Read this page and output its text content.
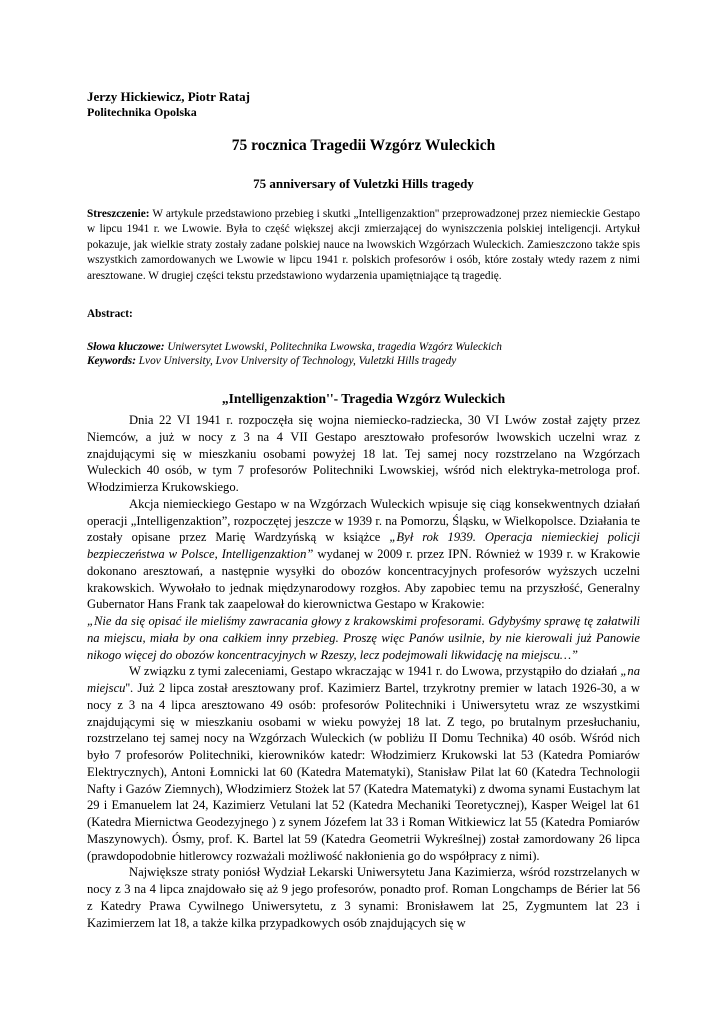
Jerzy Hickiewicz, Piotr Rataj
Politechnika Opolska
75 rocznica Tragedii Wzgórz Wuleckich
75 anniversary of Vuletzki Hills tragedy
Streszczenie: W artykule przedstawiono przebieg i skutki „Intelligenzaktion'' przeprowadzonej przez niemieckie Gestapo w lipcu 1941 r. we Lwowie. Była to część większej akcji zmierzającej do wyniszczenia polskiej inteligencji. Artykuł pokazuje, jak wielkie straty zostały zadane polskiej nauce na lwowskich Wzgórzach Wuleckich. Zamieszczono także spis wszystkich zamordowanych we Lwowie w lipcu 1941 r. polskich profesorów i osób, które zostały wtedy razem z nimi aresztowane. W drugiej części tekstu przedstawiono wydarzenia upamiętniające tą tragedię.
Abstract:
Słowa kluczowe: Uniwersytet Lwowski, Politechnika Lwowska, tragedia Wzgórz Wuleckich
Keywords: Lvov University, Lvov University of Technology, Vuletzki Hills tragedy
„Intelligenzaktion''- Tragedia Wzgórz Wuleckich

Dnia 22 VI 1941 r. rozpoczęła się wojna niemiecko-radziecka, 30 VI Lwów został zajęty przez Niemców, a już w nocy z 3 na 4 VII Gestapo aresztowało profesorów lwowskich uczelni wraz z znajdującymi się w mieszkaniu osobami powyżej 18 lat. Tej samej nocy rozstrzelano na Wzgórzach Wuleckich 40 osób, w tym 7 profesorów Politechniki Lwowskiej, wśród nich elektryka-metrologa prof. Włodzimierza Krukowskiego.

Akcja niemieckiego Gestapo w na Wzgórzach Wuleckich wpisuje się ciąg konsekwentnych działań operacji „Intelligenzaktion”, rozpoczętej jeszcze w 1939 r. na Pomorzu, Śląsku, w Wielkopolsce. Działania te zostały opisane przez Marię Wardzyńską w książce „Był rok 1939. Operacja niemieckiej policji bezpieczeństwa w Polsce, Intelligenzaktion” wydanej w 2009 r. przez IPN. Również w 1939 r. w Krakowie dokonano aresztowań, a następnie wysyłki do obozów koncentracyjnych profesorów wyższych uczelni krakowskich. Wywołało to jednak międzynarodowy rozgłos. Aby zapobiec temu na przyszłość, Generalny Gubernator Hans Frank tak zaapelował do kierownictwa Gestapo w Krakowie:

„Nie da się opisać ile mieliśmy zawracania głowy z krakowskimi profesorami. Gdybyśmy sprawę tę załatwili na miejscu, miała by ona całkiem inny przebieg. Proszę więc Panów usilnie, by nie kierowali już Panowie nikogo więcej do obozów koncentracyjnych w Rzeszy, lecz podejmowali likwidację na miejscu…”

W związku z tymi zaleceniami, Gestapo wkraczając w 1941 r. do Lwowa, przystąpiło do działań „na miejscu''. Już 2 lipca został aresztowany prof. Kazimierz Bartel, trzykrotny premier w latach 1926-30, a w nocy z 3 na 4 lipca aresztowano 49 osób: profesorów Politechniki i Uniwersytetu wraz ze wszystkimi znajdującymi się w mieszkaniu osobami w wieku powyżej 18 lat. Z tego, po brutalnym przesłuchaniu, rozstrzelano tej samej nocy na Wzgórzach Wuleckich (w pobliżu II Domu Technika) 40 osób. Wśród nich było 7 profesorów Politechniki, kierowników katedr: Włodzimierz Krukowski lat 53 (Katedra Pomiarów Elektrycznych), Antoni Łomnicki lat 60 (Katedra Matematyki), Stanisław Pilat lat 60 (Katedra Technologii Nafty i Gazów Ziemnych), Włodzimierz Stożek lat 57 (Katedra Matematyki) z dwoma synami Eustachym lat 29 i Emanuelem lat 24, Kazimierz Vetulani lat 52 (Katedra Mechaniki Teoretycznej), Kasper Weigel lat 61 (Katedra Miernictwa Geodezyjnego ) z synem Józefem lat 33 i Roman Witkiewicz lat 55 (Katedra Pomiarów Maszynowych). Ósmy, prof. K. Bartel lat 59 (Katedra Geometrii Wykreślnej) został zamordowany 26 lipca (prawdopodobnie hitlerowcy rozważali możliwość nakłonienia go do współpracy z nimi).

Największe straty poniósł Wydział Lekarski Uniwersytetu Jana Kazimierza, wśród rozstrzelanych w nocy z 3 na 4 lipca znajdowało się aż 9 jego profesorów, ponadto prof. Roman Longchamps de Bérier lat 56 z Katedry Prawa Cywilnego Uniwersytetu, z 3 synami: Bronisławem lat 25, Zygmuntem lat 23 i Kazimierzem lat 18, a także kilka przypadkowych osób znajdujących się w
